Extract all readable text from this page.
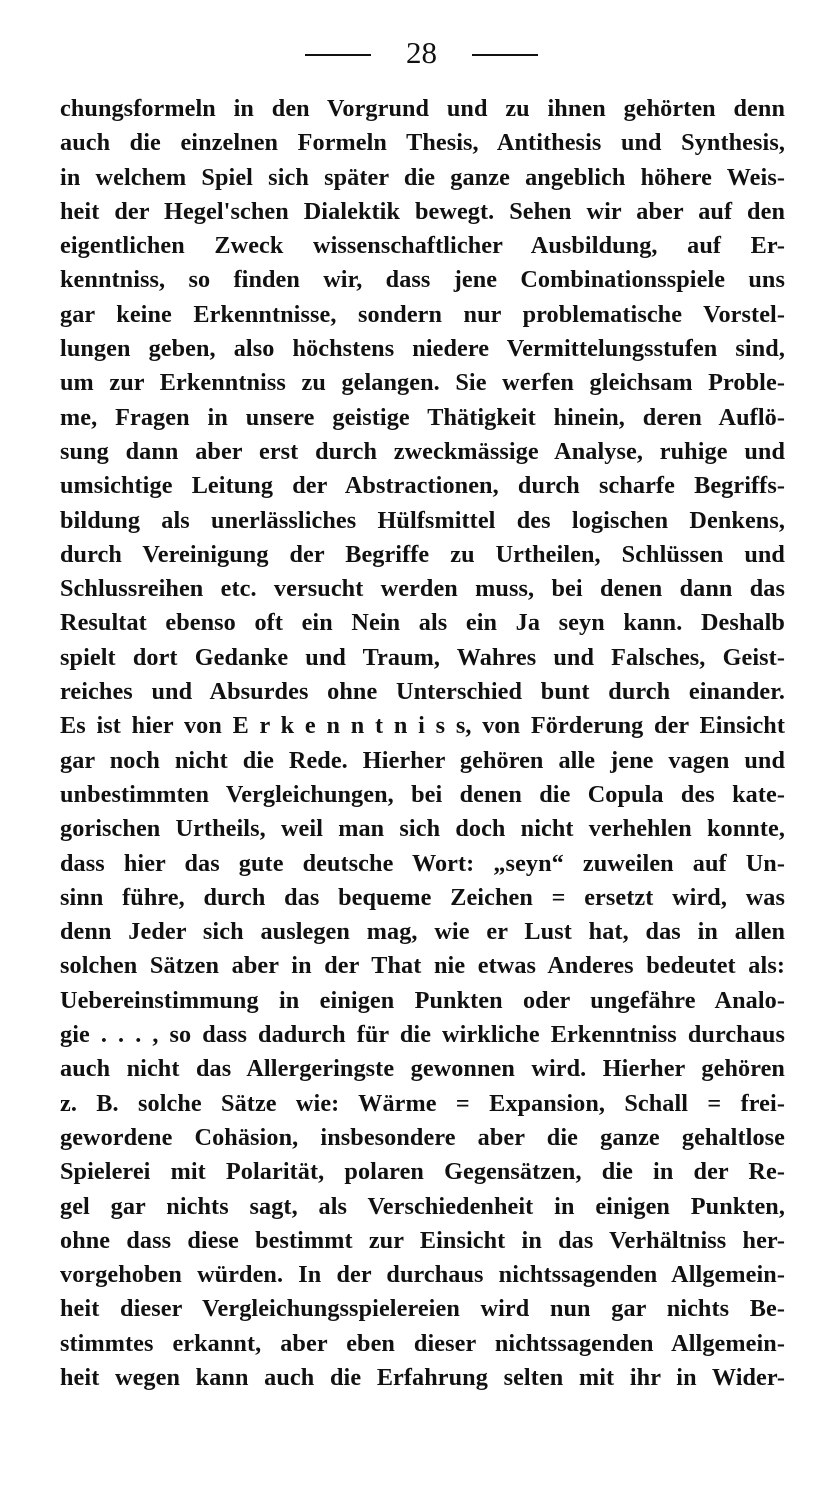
28
chungsformeln in den Vorgrund und zu ihnen gehörten denn
auch die einzelnen Formeln Thesis, Antithesis und Synthesis,
in welchem Spiel sich später die ganze angeblich höhere Weis-
heit der Hegel'schen Dialektik bewegt. Sehen wir aber auf den
eigentlichen Zweck wissenschaftlicher Ausbildung, auf Er-
kenntniss, so finden wir, dass jene Combinationsspiele uns
gar keine Erkenntnisse, sondern nur problematische Vorstel-
lungen geben, also höchstens niedere Vermittelungsstufen sind,
um zur Erkenntniss zu gelangen. Sie werfen gleichsam Proble-
me, Fragen in unsere geistige Thätigkeit hinein, deren Auflö-
sung dann aber erst durch zweckmässige Analyse, ruhige und
umsichtige Leitung der Abstractionen, durch scharfe Begriffs-
bildung als unerlässliches Hülfsmittel des logischen Denkens,
durch Vereinigung der Begriffe zu Urtheilen, Schlüssen und
Schlussreihen etc. versucht werden muss, bei denen dann das
Resultat ebenso oft ein Nein als ein Ja seyn kann. Deshalb
spielt dort Gedanke und Traum, Wahres und Falsches, Geist-
reiches und Absurdes ohne Unterschied bunt durch einander.
Es ist hier von E r k e n n t n i s s, von Förderung der Einsicht
gar noch nicht die Rede. Hierher gehören alle jene vagen und
unbestimmten Vergleichungen, bei denen die Copula des kate-
gorischen Urtheils, weil man sich doch nicht verhehlen konnte,
dass hier das gute deutsche Wort: „seyn“ zuweilen auf Un-
sinn führe, durch das bequeme Zeichen = ersetzt wird, was
denn Jeder sich auslegen mag, wie er Lust hat, das in allen
solchen Sätzen aber in der That nie etwas Anderes bedeutet als:
Uebereinstimmung in einigen Punkten oder ungefähre Analo-
gie . . . , so dass dadurch für die wirkliche Erkenntniss durchaus
auch nicht das Allergeringste gewonnen wird. Hierher gehören
z. B. solche Sätze wie: Wärme = Expansion, Schall = frei-
gewordene Cohäsion, insbesondere aber die ganze gehaltlose
Spielerei mit Polarität, polaren Gegensätzen, die in der Re-
gel gar nichts sagt, als Verschiedenheit in einigen Punkten,
ohne dass diese bestimmt zur Einsicht in das Verhältniss her-
vorgehoben würden. In der durchaus nichtssagenden Allgemein-
heit dieser Vergleichungsspielereien wird nun gar nichts Be-
stimmtes erkannt, aber eben dieser nichtssagenden Allgemein-
heit wegen kann auch die Erfahrung selten mit ihr in Wider-
